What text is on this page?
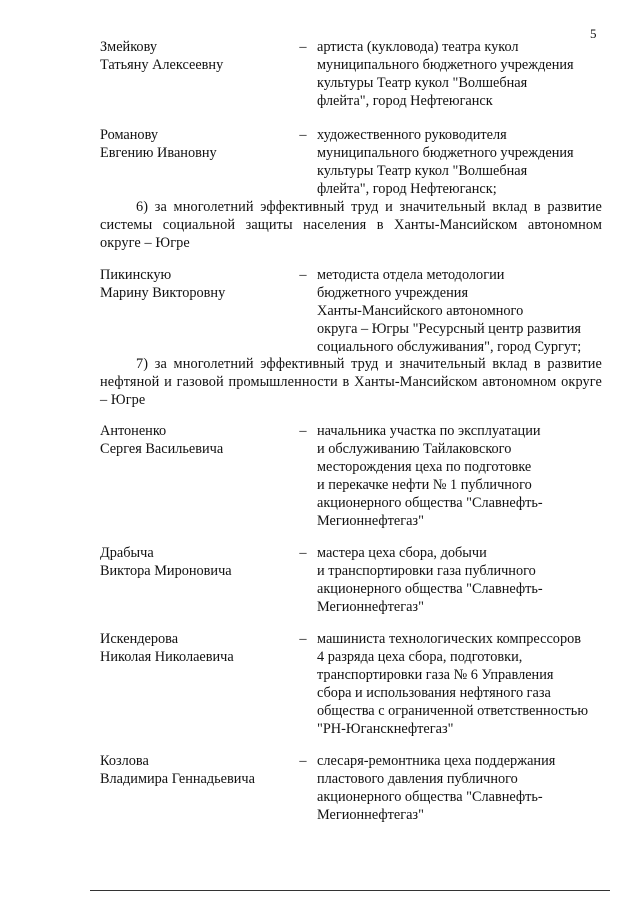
5
Змейкову
Татьяну Алексеевну
– артиста (кукловода) театра кукол
муниципального бюджетного учреждения
культуры Театр кукол "Волшебная
флейта", город Нефтеюганск
Романову
Евгению Ивановну
– художественного руководителя
муниципального бюджетного учреждения
культуры Театр кукол "Волшебная
флейта", город Нефтеюганск;
6) за многолетний эффективный труд и значительный вклад в развитие системы социальной защиты населения в Ханты-Мансийском автономном округе – Югре
Пикинскую
Марину Викторовну
– методиста отдела методологии
бюджетного учреждения
Ханты-Мансийского автономного
округа – Югры "Ресурсный центр развития
социального обслуживания", город Сургут;
7) за многолетний эффективный труд и значительный вклад в развитие нефтяной и газовой промышленности в Ханты-Мансийском автономном округе – Югре
Антоненко
Сергея Васильевича
– начальника участка по эксплуатации
и обслуживанию Тайлаковского
месторождения цеха по подготовке
и перекачке нефти № 1 публичного
акционерного общества "Славнефть-
Мегионнефтегаз"
Драбыча
Виктора Мироновича
– мастера цеха сбора, добычи
и транспортировки газа публичного
акционерного общества "Славнефть-
Мегионнефтегаз"
Искендерова
Николая Николаевича
– машиниста технологических компрессоров
4 разряда цеха сбора, подготовки,
транспортировки газа № 6 Управления
сбора и использования нефтяного газа
общества с ограниченной ответственностью
"РН-Юганскнефтегаз"
Козлова
Владимира Геннадьевича
– слесаря-ремонтника цеха поддержания
пластового давления публичного
акционерного общества "Славнефть-
Мегионнефтегаз"
